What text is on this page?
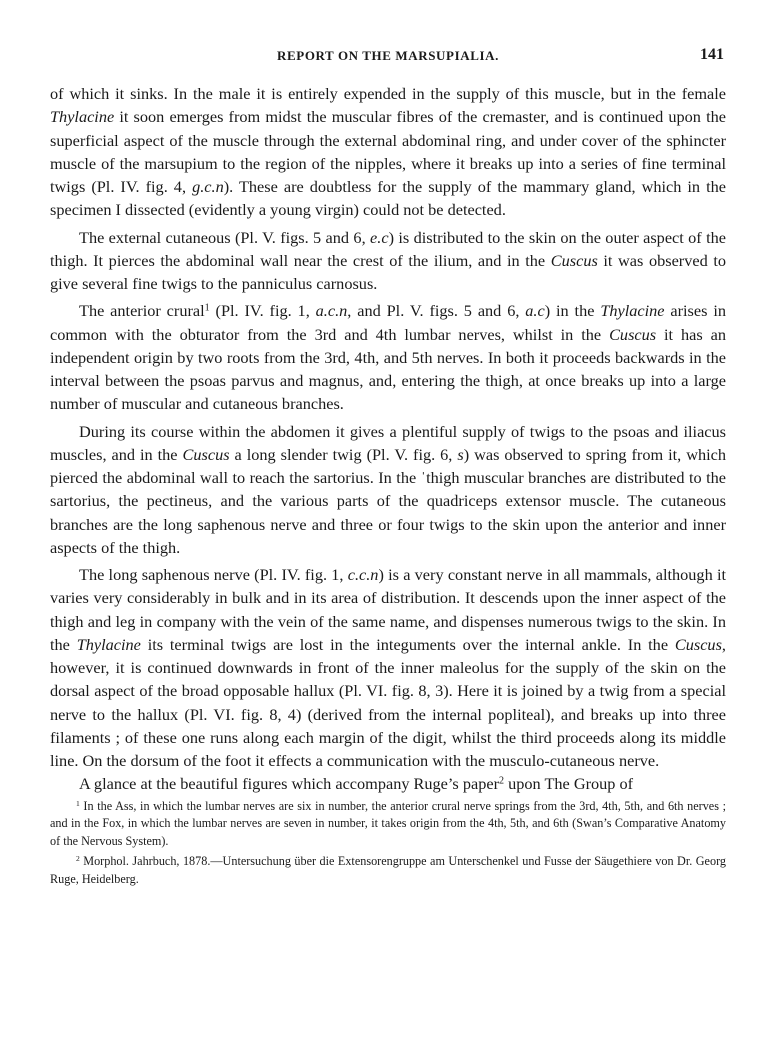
REPORT ON THE MARSUPIALIA.	141

of which it sinks. In the male it is entirely expended in the supply of this muscle, but in the female Thylacine it soon emerges from midst the muscular fibres of the cremaster, and is continued upon the superficial aspect of the muscle through the external abdominal ring, and under cover of the sphincter muscle of the marsupium to the region of the nipples, where it breaks up into a series of fine terminal twigs (Pl. IV. fig. 4, g.c.n). These are doubtless for the supply of the mammary gland, which in the specimen I dissected (evidently a young virgin) could not be detected.

The external cutaneous (Pl. V. figs. 5 and 6, e.c) is distributed to the skin on the outer aspect of the thigh. It pierces the abdominal wall near the crest of the ilium, and in the Cuscus it was observed to give several fine twigs to the panniculus carnosus.

The anterior crural$^1$ (Pl. IV. fig. 1, a.c.n, and Pl. V. figs. 5 and 6, a.c) in the Thylacine arises in common with the obturator from the 3rd and 4th lumbar nerves, whilst in the Cuscus it has an independent origin by two roots from the 3rd, 4th, and 5th nerves. In both it proceeds backwards in the interval between the psoas parvus and magnus, and, entering the thigh, at once breaks up into a large number of muscular and cutaneous branches.

During its course within the abdomen it gives a plentiful supply of twigs to the psoas and iliacus muscles, and in the Cuscus a long slender twig (Pl. V. fig. 6, s) was observed to spring from it, which pierced the abdominal wall to reach the sartorius. In the ˈthigh muscular branches are distributed to the sartorius, the pectineus, and the various parts of the quadriceps extensor muscle. The cutaneous branches are the long saphenous nerve and three or four twigs to the skin upon the anterior and inner aspects of the thigh.

The long saphenous nerve (Pl. IV. fig. 1, c.c.n) is a very constant nerve in all mammals, although it varies very considerably in bulk and in its area of distribution. It descends upon the inner aspect of the thigh and leg in company with the vein of the same name, and dispenses numerous twigs to the skin. In the Thylacine its terminal twigs are lost in the integuments over the internal ankle. In the Cuscus, however, it is continued downwards in front of the inner maleolus for the supply of the skin on the dorsal aspect of the broad opposable hallux (Pl. VI. fig. 8, 3). Here it is joined by a twig from a special nerve to the hallux (Pl. VI. fig. 8, 4) (derived from the internal popliteal), and breaks up into three filaments ; of these one runs along each margin of the digit, whilst the third proceeds along its middle line. On the dorsum of the foot it effects a communication with the musculo-cutaneous nerve.

A glance at the beautiful figures which accompany Ruge’s paper$^2$ upon The Group of

$^1$ In the Ass, in which the lumbar nerves are six in number, the anterior crural nerve springs from the 3rd, 4th, 5th, and 6th nerves ; and in the Fox, in which the lumbar nerves are seven in number, it takes origin from the 4th, 5th, and 6th (Swan’s Comparative Anatomy of the Nervous System).

$^2$ Morphol. Jahrbuch, 1878.—Untersuchung über die Extensorengruppe am Unterschenkel und Fusse der Säugethiere von Dr. Georg Ruge, Heidelberg.
